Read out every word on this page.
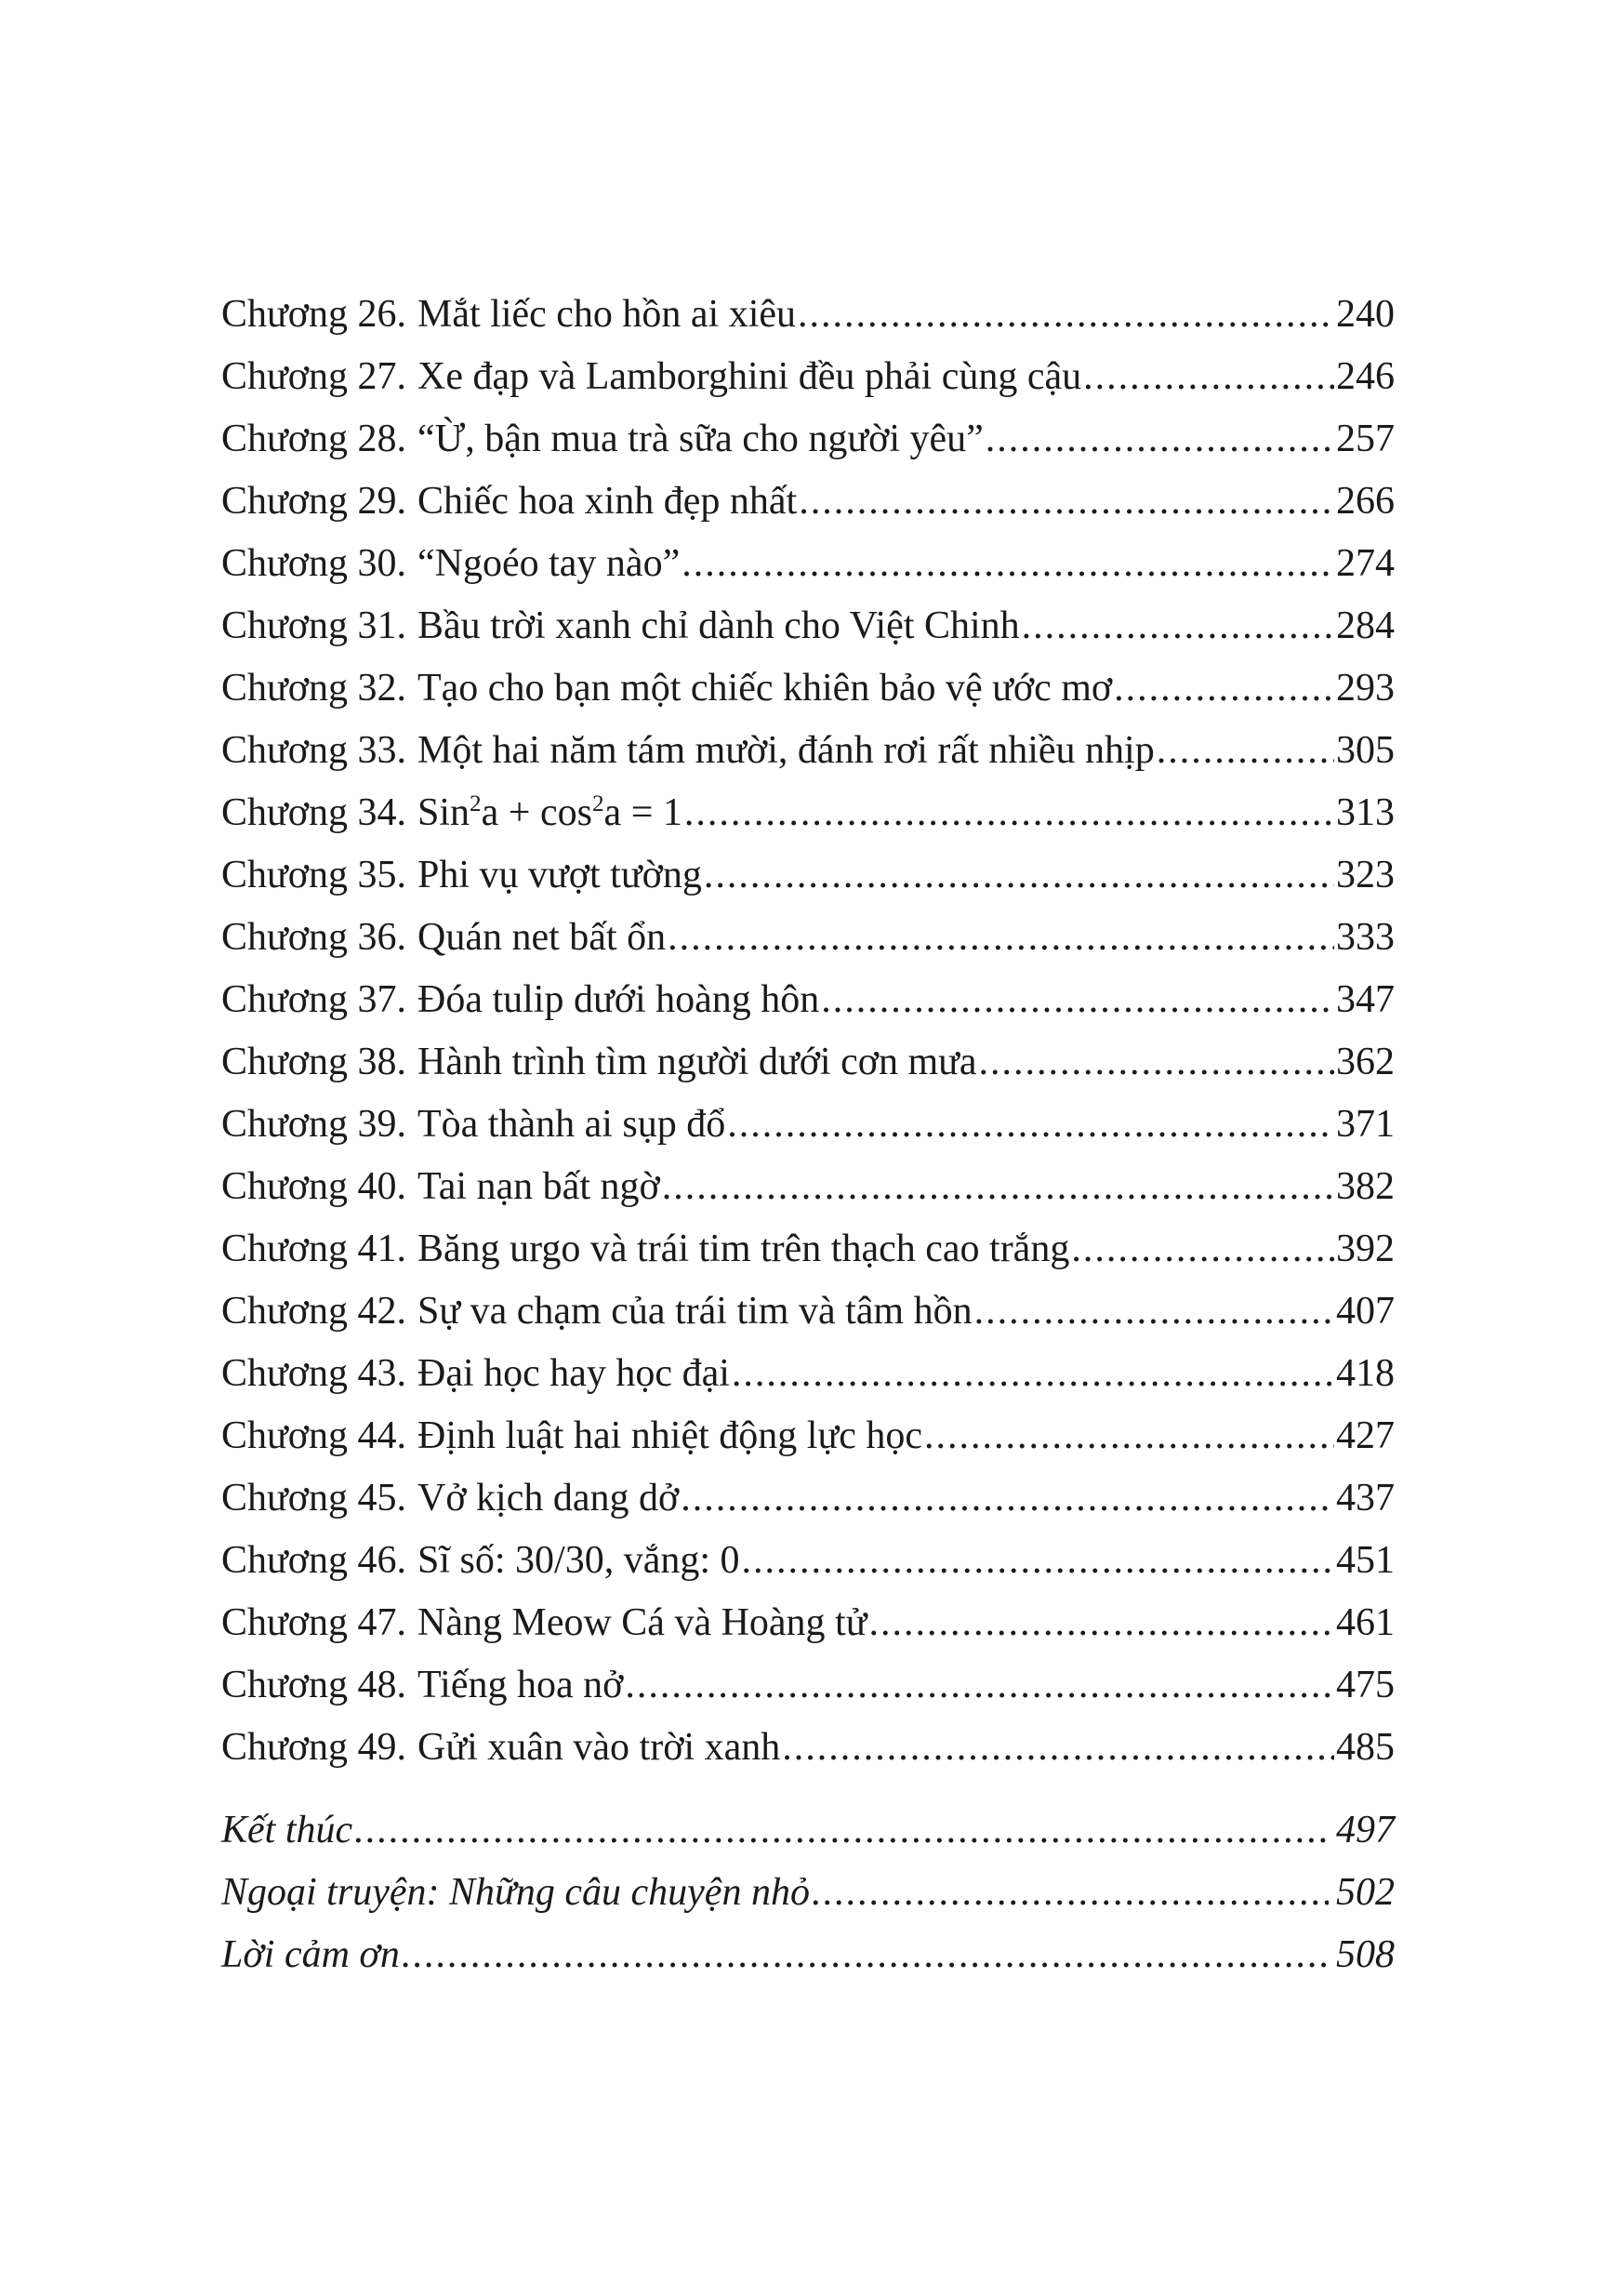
Chương 26. Mắt liếc cho hồn ai xiêu .....	240
Chương 27. Xe đạp và Lamborghini đều phải cùng cậu .....	246
Chương 28. “Ừ, bận mua trà sữa cho người yêu” .....	257
Chương 29. Chiếc hoa xinh đẹp nhất .....	266
Chương 30. “Ngoéo tay nào” .....	274
Chương 31. Bầu trời xanh chỉ dành cho Việt Chinh .....	284
Chương 32. Tạo cho bạn một chiếc khiên bảo vệ ước mơ .....	293
Chương 33. Một hai năm tám mười, đánh rơi rất nhiều nhịp .....	305
Chương 34. $Sin^2a + \cos^2a = 1$ .....	313
Chương 35. Phi vụ vượt tường .....	323
Chương 36. Quán net bất ổn .....	333
Chương 37. Đóa tulip dưới hoàng hôn .....	347
Chương 38. Hành trình tìm người dưới cơn mưa .....	362
Chương 39. Tòa thành ai sụp đổ .....	371
Chương 40. Tai nạn bất ngờ .....	382
Chương 41. Băng urgo và trái tim trên thạch cao trắng .....	392
Chương 42. Sự va chạm của trái tim và tâm hồn .....	407
Chương 43. Đại học hay học đại .....	418
Chương 44. Định luật hai nhiệt động lực học .....	427
Chương 45. Vở kịch dang dở .....	437
Chương 46. Sĩ số: 30/30, vắng: 0 .....	451
Chương 47. Nàng Meow Cá và Hoàng tử .....	461
Chương 48. Tiếng hoa nở .....	475
Chương 49. Gửi xuân vào trời xanh .....	485
Kết thúc .....	497
Ngoại truyện: Những câu chuyện nhỏ .....	502
Lời cảm ơn .....	508
